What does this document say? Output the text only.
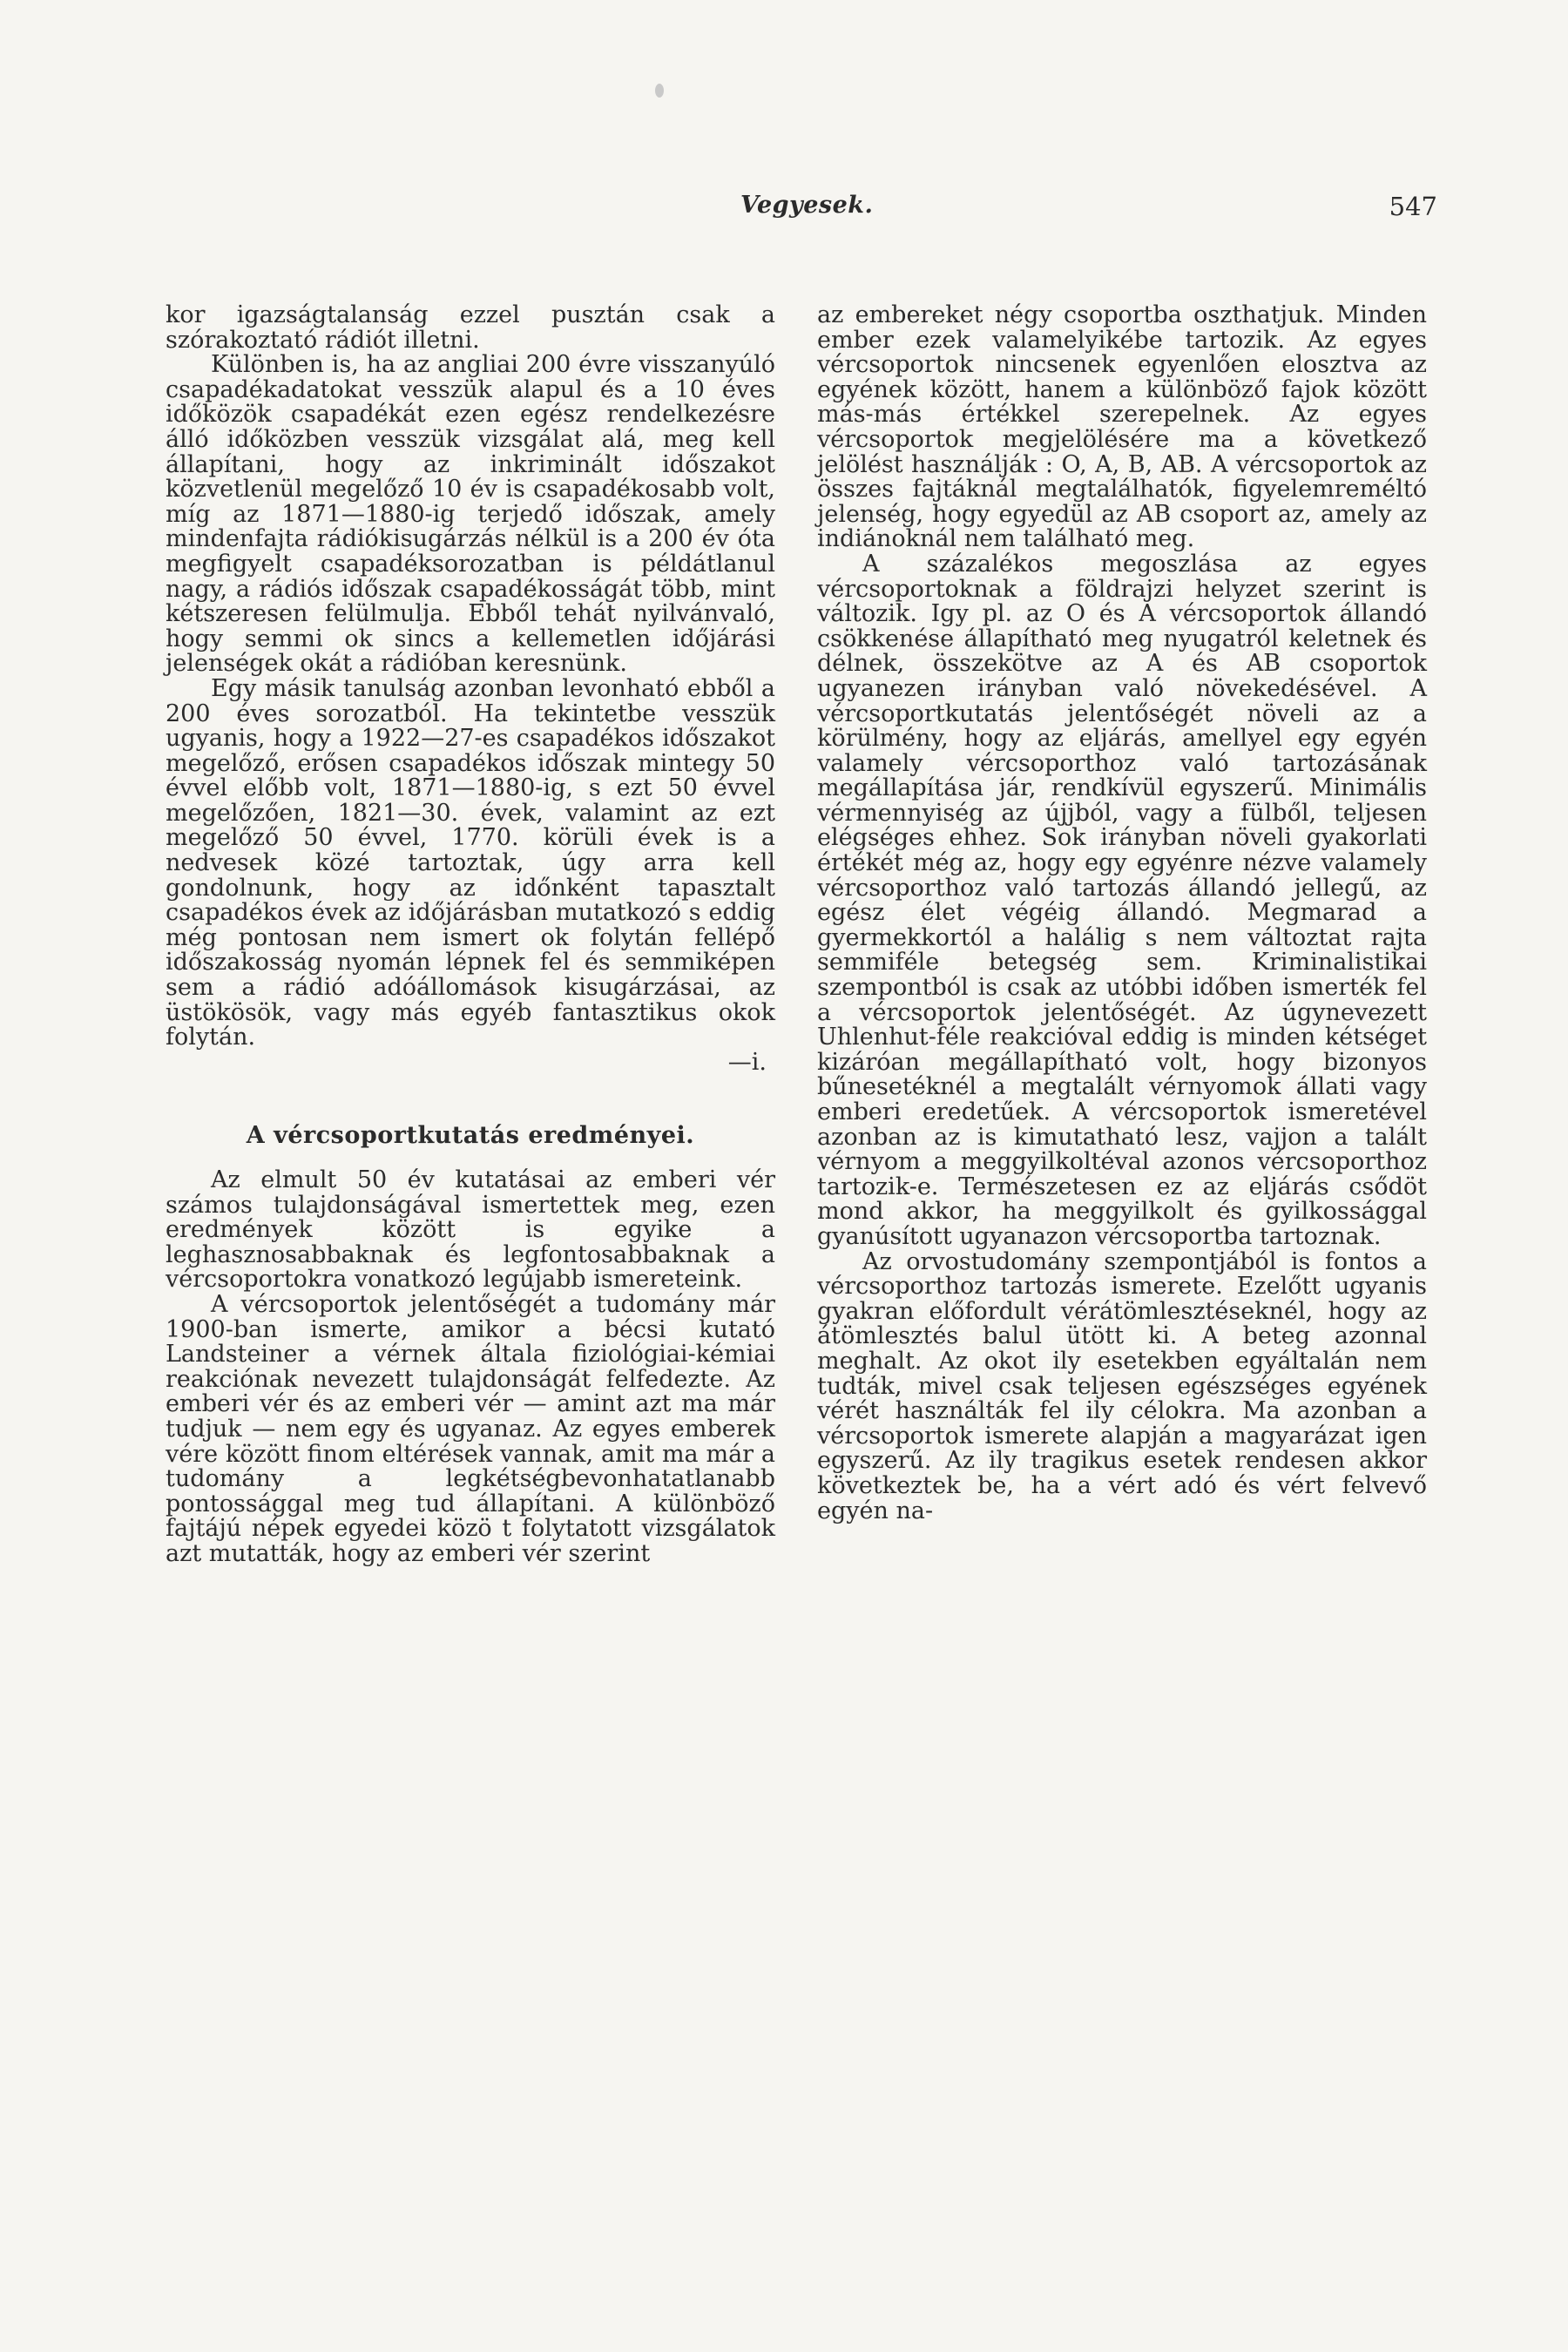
Vegyesek.	547

kor igazságtalanság ezzel pusztán csak a szórakoztató rádiót illetni.

Különben is, ha az angliai 200 évre visszanyúló csapadékadatokat vesszük alapul és a 10 éves időközök csapadékát ezen egész rendelkezésre álló időközben vesszük vizsgálat alá, meg kell állapítani, hogy az inkriminált időszakot közvetlenül megelőző 10 év is csapadékosabb volt, míg az 1871—1880-ig terjedő időszak, amely mindenfajta rádiókisugárzás nélkül is a 200 év óta megfigyelt csapadéksorozatban is példátlanul nagy, a rádiós időszak csapadékosságát több, mint kétszeresen felülmulja. Ebből tehát nyilvánvaló, hogy semmi ok sincs a kellemetlen időjárási jelenségek okát a rádióban keresnünk.

Egy másik tanulság azonban levonható ebből a 200 éves sorozatból. Ha tekintetbe vesszük ugyanis, hogy a 1922—27-es csapadékos időszakot megelőző, erősen csapadékos időszak mintegy 50 évvel előbb volt, 1871—1880-ig, s ezt 50 évvel megelőzően, 1821—30. évek, valamint az ezt megelőző 50 évvel, 1770. körüli évek is a nedvesek közé tartoztak, úgy arra kell gondolnunk, hogy az időnként tapasztalt csapadékos évek az időjárásban mutatkozó s eddig még pontosan nem ismert ok folytán fellépő időszakosság nyomán lépnek fel és semmiképen sem a rádió adóállomások kisugárzásai, az üstökösök, vagy más egyéb fantasztikus okok folytán.

—i.

A vércsoportkutatás eredményei.

Az elmult 50 év kutatásai az emberi vér számos tulajdonságával ismertettek meg, ezen eredmények között is egyike a leghasznosabbaknak és legfontosabbaknak a vércsoportokra vonatkozó legújabb ismereteink.

A vércsoportok jelentőségét a tudomány már 1900-ban ismerte, amikor a bécsi kutató Landsteiner a vérnek általa fiziológiai-kémiai reakciónak nevezett tulajdonságát felfedezte. Az emberi vér és az emberi vér — amint azt ma már tudjuk — nem egy és ugyanaz. Az egyes emberek vére között finom eltérések vannak, amit ma már a tudomány a legkétségbevonhatatlanabb pontossággal meg tud állapítani. A különböző fajtájú népek egyedei közö t folytatott vizsgálatok azt mutatták, hogy az emberi vér szerint

az embereket négy csoportba oszthatjuk. Minden ember ezek valamelyikébe tartozik. Az egyes vércsoportok nincsenek egyenlően elosztva az egyének között, hanem a különböző fajok között más-más értékkel szerepelnek. Az egyes vércsoportok megjelölésére ma a következő jelölést használják : O, A, B, AB. A vércsoportok az összes fajtáknál megtalálhatók, figyelemreméltó jelenség, hogy egyedül az AB csoport az, amely az indiánoknál nem található meg.

A százalékos megoszlása az egyes vércsoportoknak a földrajzi helyzet szerint is változik. Igy pl. az O és A vércsoportok állandó csökkenése állapítható meg nyugatról keletnek és délnek, összekötve az A és AB csoportok ugyanezen irányban való növekedésével. A vércsoportkutatás jelentőségét növeli az a körülmény, hogy az eljárás, amellyel egy egyén valamely vércsoporthoz való tartozásának megállapítása jár, rendkívül egyszerű. Minimális vérmennyiség az újjból, vagy a fülből, teljesen elégséges ehhez. Sok irányban növeli gyakorlati értékét még az, hogy egy egyénre nézve valamely vércsoporthoz való tartozás állandó jellegű, az egész élet végéig állandó. Megmarad a gyermekkortól a halálig s nem változtat rajta semmiféle betegség sem. Kriminalistikai szempontból is csak az utóbbi időben ismerték fel a vércsoportok jelentőségét. Az úgynevezett Uhlenhut-féle reakcióval eddig is minden kétséget kizáróan megállapítható volt, hogy bizonyos bűnesetéknél a megtalált vérnyomok állati vagy emberi eredetűek. A vércsoportok ismeretével azonban az is kimutatható lesz, vajjon a talált vérnyom a meggyilkoltéval azonos vércsoporthoz tartozik-e. Természetesen ez az eljárás csődöt mond akkor, ha meggyilkolt és gyilkossággal gyanúsított ugyanazon vércsoportba tartoznak.

Az orvostudomány szempontjából is fontos a vércsoporthoz tartozás ismerete. Ezelőtt ugyanis gyakran előfordult vérátömlesztéseknél, hogy az átömlesztés balul ütött ki. A beteg azonnal meghalt. Az okot ily esetekben egyáltalán nem tudták, mivel csak teljesen egészséges egyének vérét használták fel ily célokra. Ma azonban a vércsoportok ismerete alapján a magyarázat igen egyszerű. Az ily tragikus esetek rendesen akkor következtek be, ha a vért adó és vért felvevő egyén na-
